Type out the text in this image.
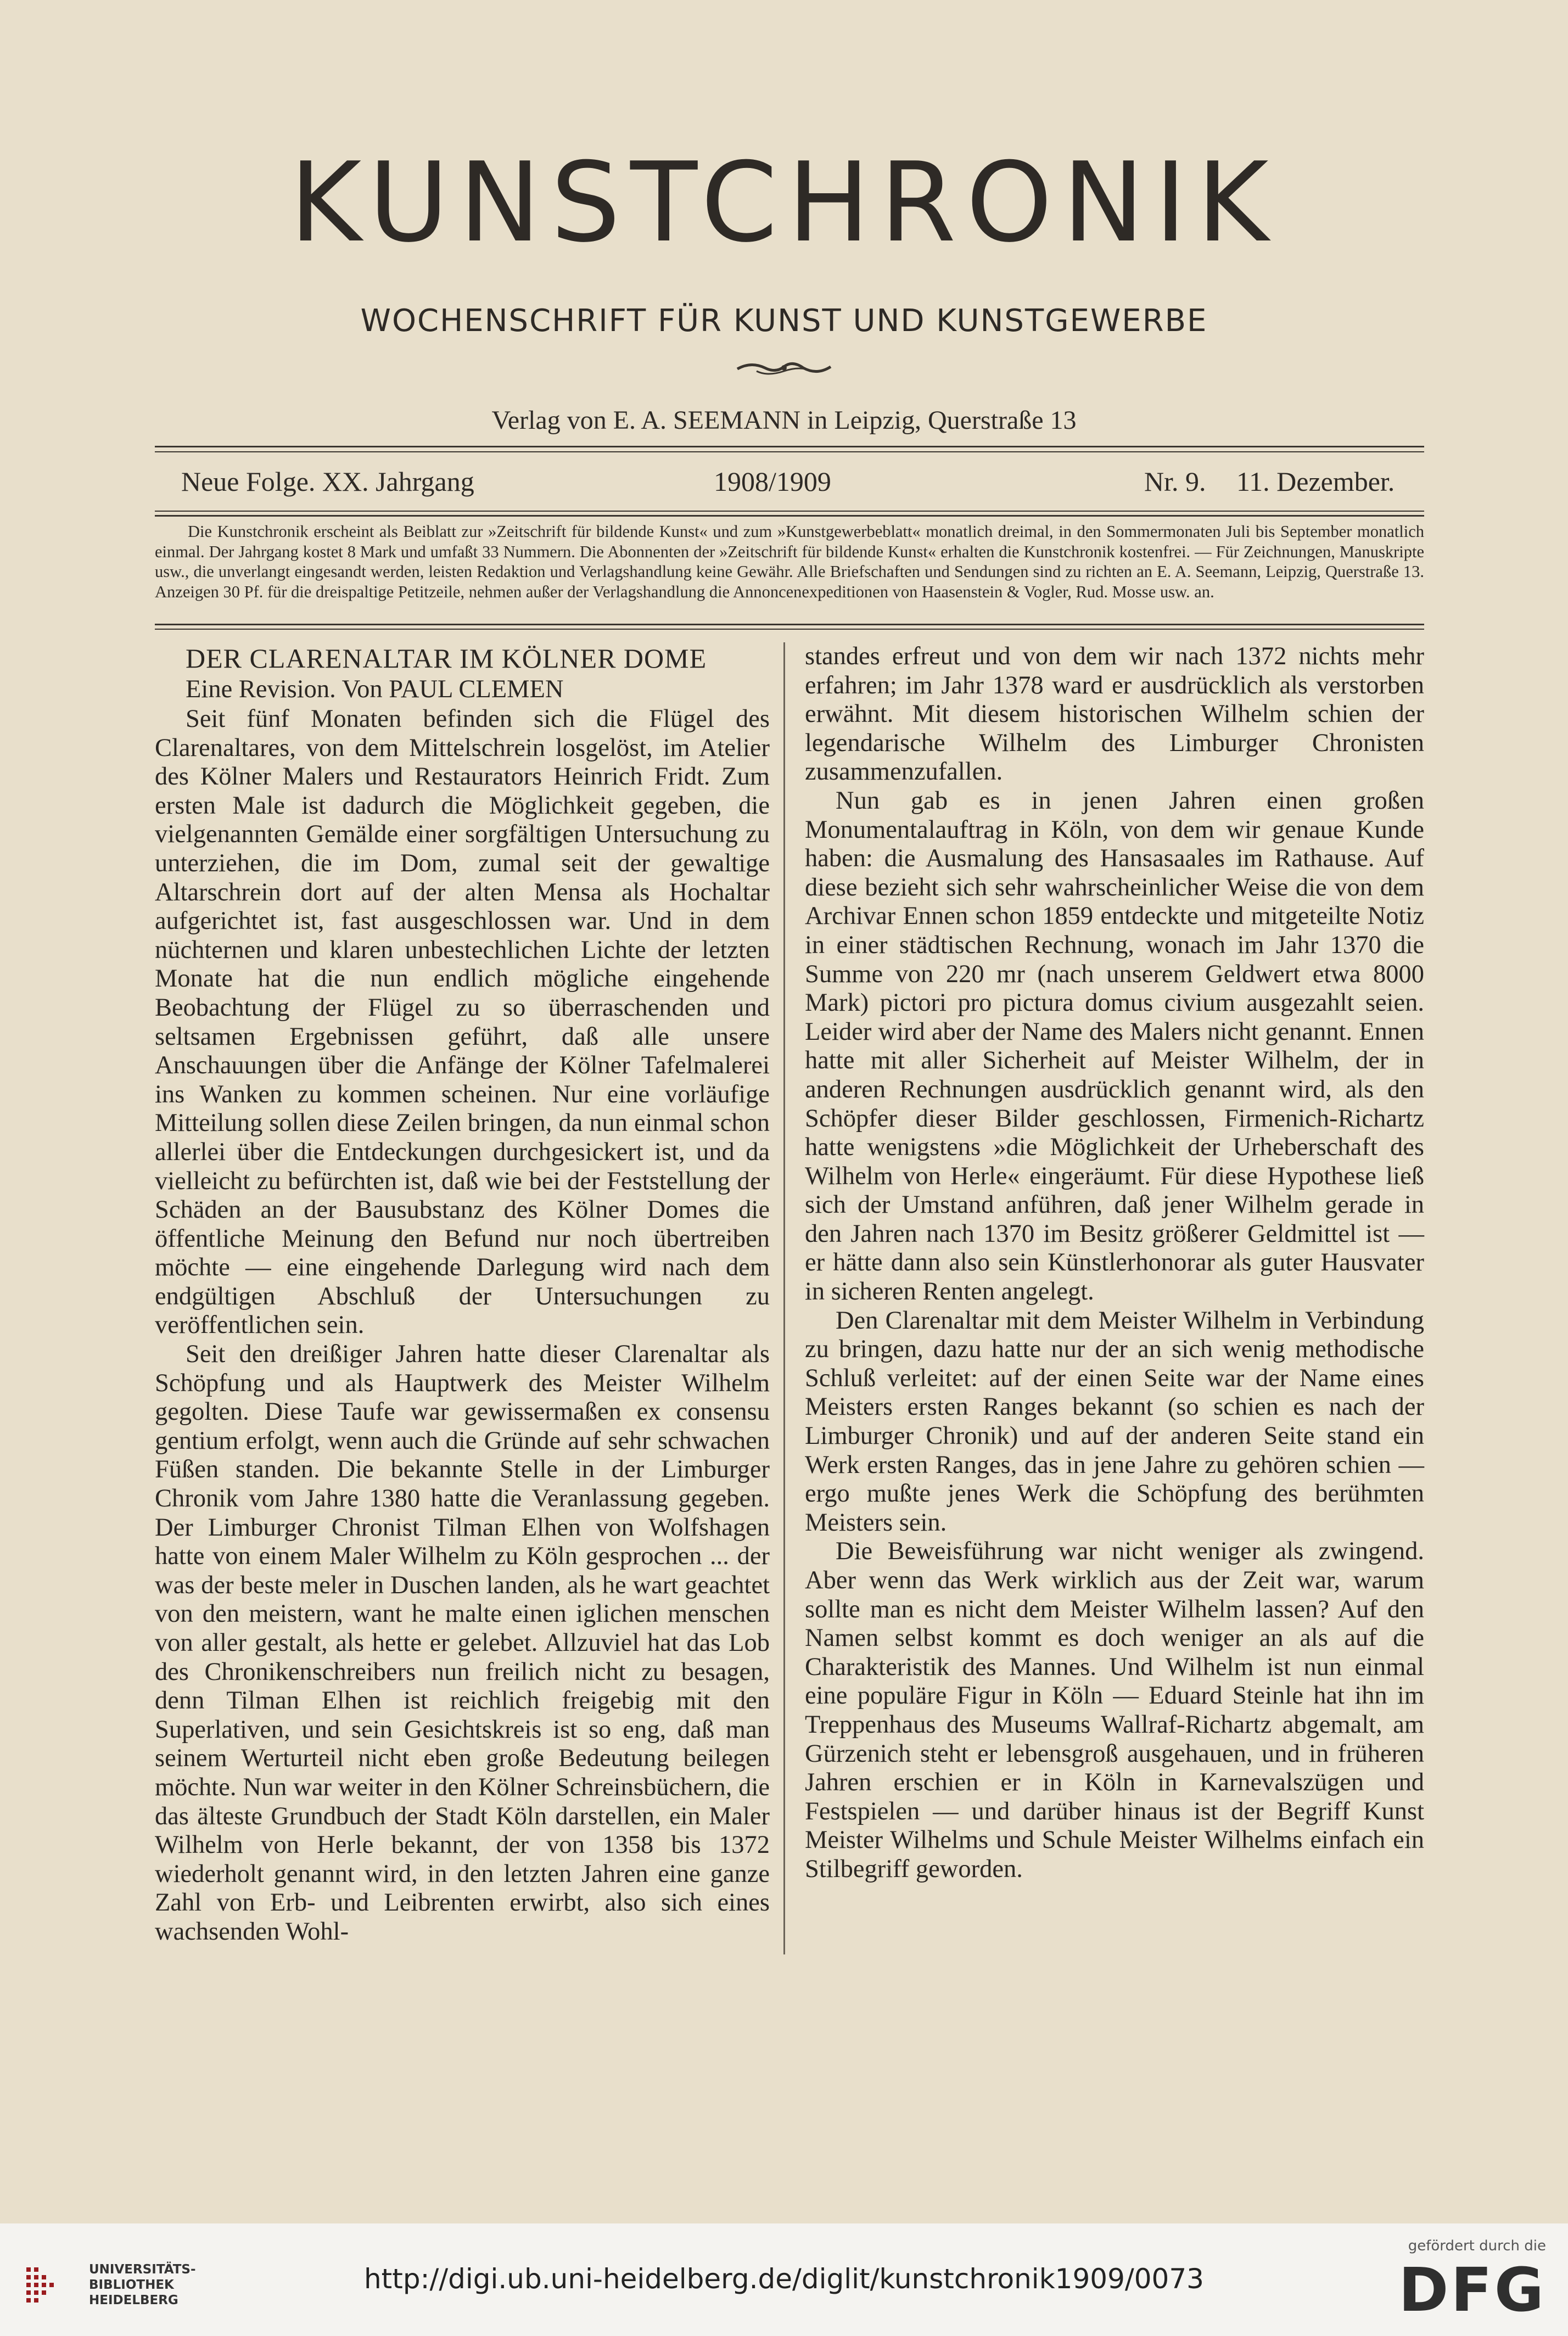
KUNSTCHRONIK
WOCHENSCHRIFT FÜR KUNST UND KUNSTGEWERBE
Verlag von E. A. SEEMANN in Leipzig, Querstraße 13
Neue Folge. XX. Jahrgang	1908/1909	Nr. 9. 11. Dezember.

Die Kunstchronik erscheint als Beiblatt zur »Zeitschrift für bildende Kunst« und zum »Kunstgewerbeblatt« monatlich dreimal, in den Sommermonaten Juli bis September monatlich einmal. Der Jahrgang kostet 8 Mark und umfaßt 33 Nummern. Die Abonnenten der »Zeitschrift für bildende Kunst« erhalten die Kunstchronik kostenfrei. — Für Zeichnungen, Manuskripte usw., die unverlangt eingesandt werden, leisten Redaktion und Verlagshandlung keine Gewähr. Alle Briefschaften und Sendungen sind zu richten an E. A. Seemann, Leipzig, Querstraße 13. Anzeigen 30 Pf. für die dreispaltige Petitzeile, nehmen außer der Verlagshandlung die Annoncenexpeditionen von Haasenstein & Vogler, Rud. Mosse usw. an.

DER CLARENALTAR IM KÖLNER DOME

Eine Revision. Von PAUL CLEMEN

Seit fünf Monaten befinden sich die Flügel des Clarenaltares, von dem Mittelschrein losgelöst, im Atelier des Kölner Malers und Restaurators Heinrich Fridt. Zum ersten Male ist dadurch die Möglichkeit gegeben, die vielgenannten Gemälde einer sorgfältigen Untersuchung zu unterziehen, die im Dom, zumal seit der gewaltige Altarschrein dort auf der alten Mensa als Hochaltar aufgerichtet ist, fast ausgeschlossen war. Und in dem nüchternen und klaren unbestechlichen Lichte der letzten Monate hat die nun endlich mögliche eingehende Beobachtung der Flügel zu so überraschenden und seltsamen Ergebnissen geführt, daß alle unsere Anschauungen über die Anfänge der Kölner Tafelmalerei ins Wanken zu kommen scheinen. Nur eine vorläufige Mitteilung sollen diese Zeilen bringen, da nun einmal schon allerlei über die Entdeckungen durchgesickert ist, und da vielleicht zu befürchten ist, daß wie bei der Feststellung der Schäden an der Bausubstanz des Kölner Domes die öffentliche Meinung den Befund nur noch übertreiben möchte — eine eingehende Darlegung wird nach dem endgültigen Abschluß der Untersuchungen zu veröffentlichen sein.

Seit den dreißiger Jahren hatte dieser Clarenaltar als Schöpfung und als Hauptwerk des Meister Wilhelm gegolten. Diese Taufe war gewissermaßen ex consensu gentium erfolgt, wenn auch die Gründe auf sehr schwachen Füßen standen. Die bekannte Stelle in der Limburger Chronik vom Jahre 1380 hatte die Veranlassung gegeben. Der Limburger Chronist Tilman Elhen von Wolfshagen hatte von einem Maler Wilhelm zu Köln gesprochen ... der was der beste meler in Duschen landen, als he wart geachtet von den meistern, want he malte einen iglichen menschen von aller gestalt, als hette er gelebet. Allzuviel hat das Lob des Chronikenschreibers nun freilich nicht zu besagen, denn Tilman Elhen ist reichlich freigebig mit den Superlativen, und sein Gesichtskreis ist so eng, daß man seinem Werturteil nicht eben große Bedeutung beilegen möchte. Nun war weiter in den Kölner Schreinsbüchern, die das älteste Grundbuch der Stadt Köln darstellen, ein Maler Wilhelm von Herle bekannt, der von 1358 bis 1372 wiederholt genannt wird, in den letzten Jahren eine ganze Zahl von Erb- und Leibrenten erwirbt, also sich eines wachsenden Wohl-

standes erfreut und von dem wir nach 1372 nichts mehr erfahren; im Jahr 1378 ward er ausdrücklich als verstorben erwähnt. Mit diesem historischen Wilhelm schien der legendarische Wilhelm des Limburger Chronisten zusammenzufallen.

Nun gab es in jenen Jahren einen großen Monumentalauftrag in Köln, von dem wir genaue Kunde haben: die Ausmalung des Hansasaales im Rathause. Auf diese bezieht sich sehr wahrscheinlicher Weise die von dem Archivar Ennen schon 1859 entdeckte und mitgeteilte Notiz in einer städtischen Rechnung, wonach im Jahr 1370 die Summe von 220 mr (nach unserem Geldwert etwa 8000 Mark) pictori pro pictura domus civium ausgezahlt seien. Leider wird aber der Name des Malers nicht genannt. Ennen hatte mit aller Sicherheit auf Meister Wilhelm, der in anderen Rechnungen ausdrücklich genannt wird, als den Schöpfer dieser Bilder geschlossen, Firmenich-Richartz hatte wenigstens »die Möglichkeit der Urheberschaft des Wilhelm von Herle« eingeräumt. Für diese Hypothese ließ sich der Umstand anführen, daß jener Wilhelm gerade in den Jahren nach 1370 im Besitz größerer Geldmittel ist — er hätte dann also sein Künstlerhonorar als guter Hausvater in sicheren Renten angelegt.

Den Clarenaltar mit dem Meister Wilhelm in Verbindung zu bringen, dazu hatte nur der an sich wenig methodische Schluß verleitet: auf der einen Seite war der Name eines Meisters ersten Ranges bekannt (so schien es nach der Limburger Chronik) und auf der anderen Seite stand ein Werk ersten Ranges, das in jene Jahre zu gehören schien — ergo mußte jenes Werk die Schöpfung des berühmten Meisters sein.

Die Beweisführung war nicht weniger als zwingend. Aber wenn das Werk wirklich aus der Zeit war, warum sollte man es nicht dem Meister Wilhelm lassen? Auf den Namen selbst kommt es doch weniger an als auf die Charakteristik des Mannes. Und Wilhelm ist nun einmal eine populäre Figur in Köln — Eduard Steinle hat ihn im Treppenhaus des Museums Wallraf-Richartz abgemalt, am Gürzenich steht er lebensgroß ausgehauen, und in früheren Jahren erschien er in Köln in Karnevalszügen und Festspielen — und darüber hinaus ist der Begriff Kunst Meister Wilhelms und Schule Meister Wilhelms einfach ein Stilbegriff geworden.

UNIVERSITÄTS-
BIBLIOTHEK
HEIDELBERG
http://digi.ub.uni-heidelberg.de/diglit/kunstchronik1909/0073
gefördert durch die
DFG
